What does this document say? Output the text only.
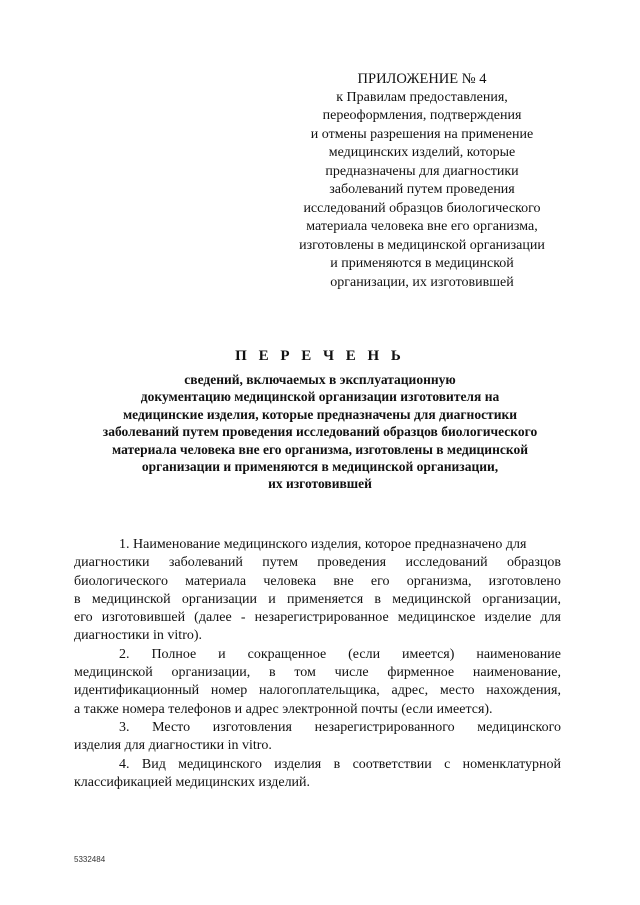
ПРИЛОЖЕНИЕ № 4
к Правилам предоставления,
переоформления, подтверждения
и отмены разрешения на применение
медицинских изделий, которые
предназначены для диагностики
заболеваний путем проведения
исследований образцов биологического
материала человека вне его организма,
изготовлены в медицинской организации
и применяются в медицинской
организации, их изготовившей
П Е Р Е Ч Е Н Ь
сведений, включаемых в эксплуатационную
документацию медицинской организации изготовителя на
медицинские изделия, которые предназначены для диагностики
заболеваний путем проведения исследований образцов биологического
материала человека вне его организма, изготовлены в медицинской
организации и применяются в медицинской организации,
их изготовившей
1. Наименование медицинского изделия, которое предназначено для
диагностики заболеваний путем проведения исследований образцов
биологического материала человека вне его организма, изготовлено
в медицинской организации и применяется в медицинской организации,
его изготовившей (далее - незарегистрированное медицинское изделие для
диагностики in vitro).
2. Полное и сокращенное (если имеется) наименование
медицинской организации, в том числе фирменное наименование,
идентификационный номер налогоплательщика, адрес, место нахождения,
а также номера телефонов и адрес электронной почты (если имеется).
3. Место изготовления незарегистрированного медицинского
изделия для диагностики in vitro.
4. Вид медицинского изделия в соответствии с номенклатурной
классификацией медицинских изделий.
5332484
